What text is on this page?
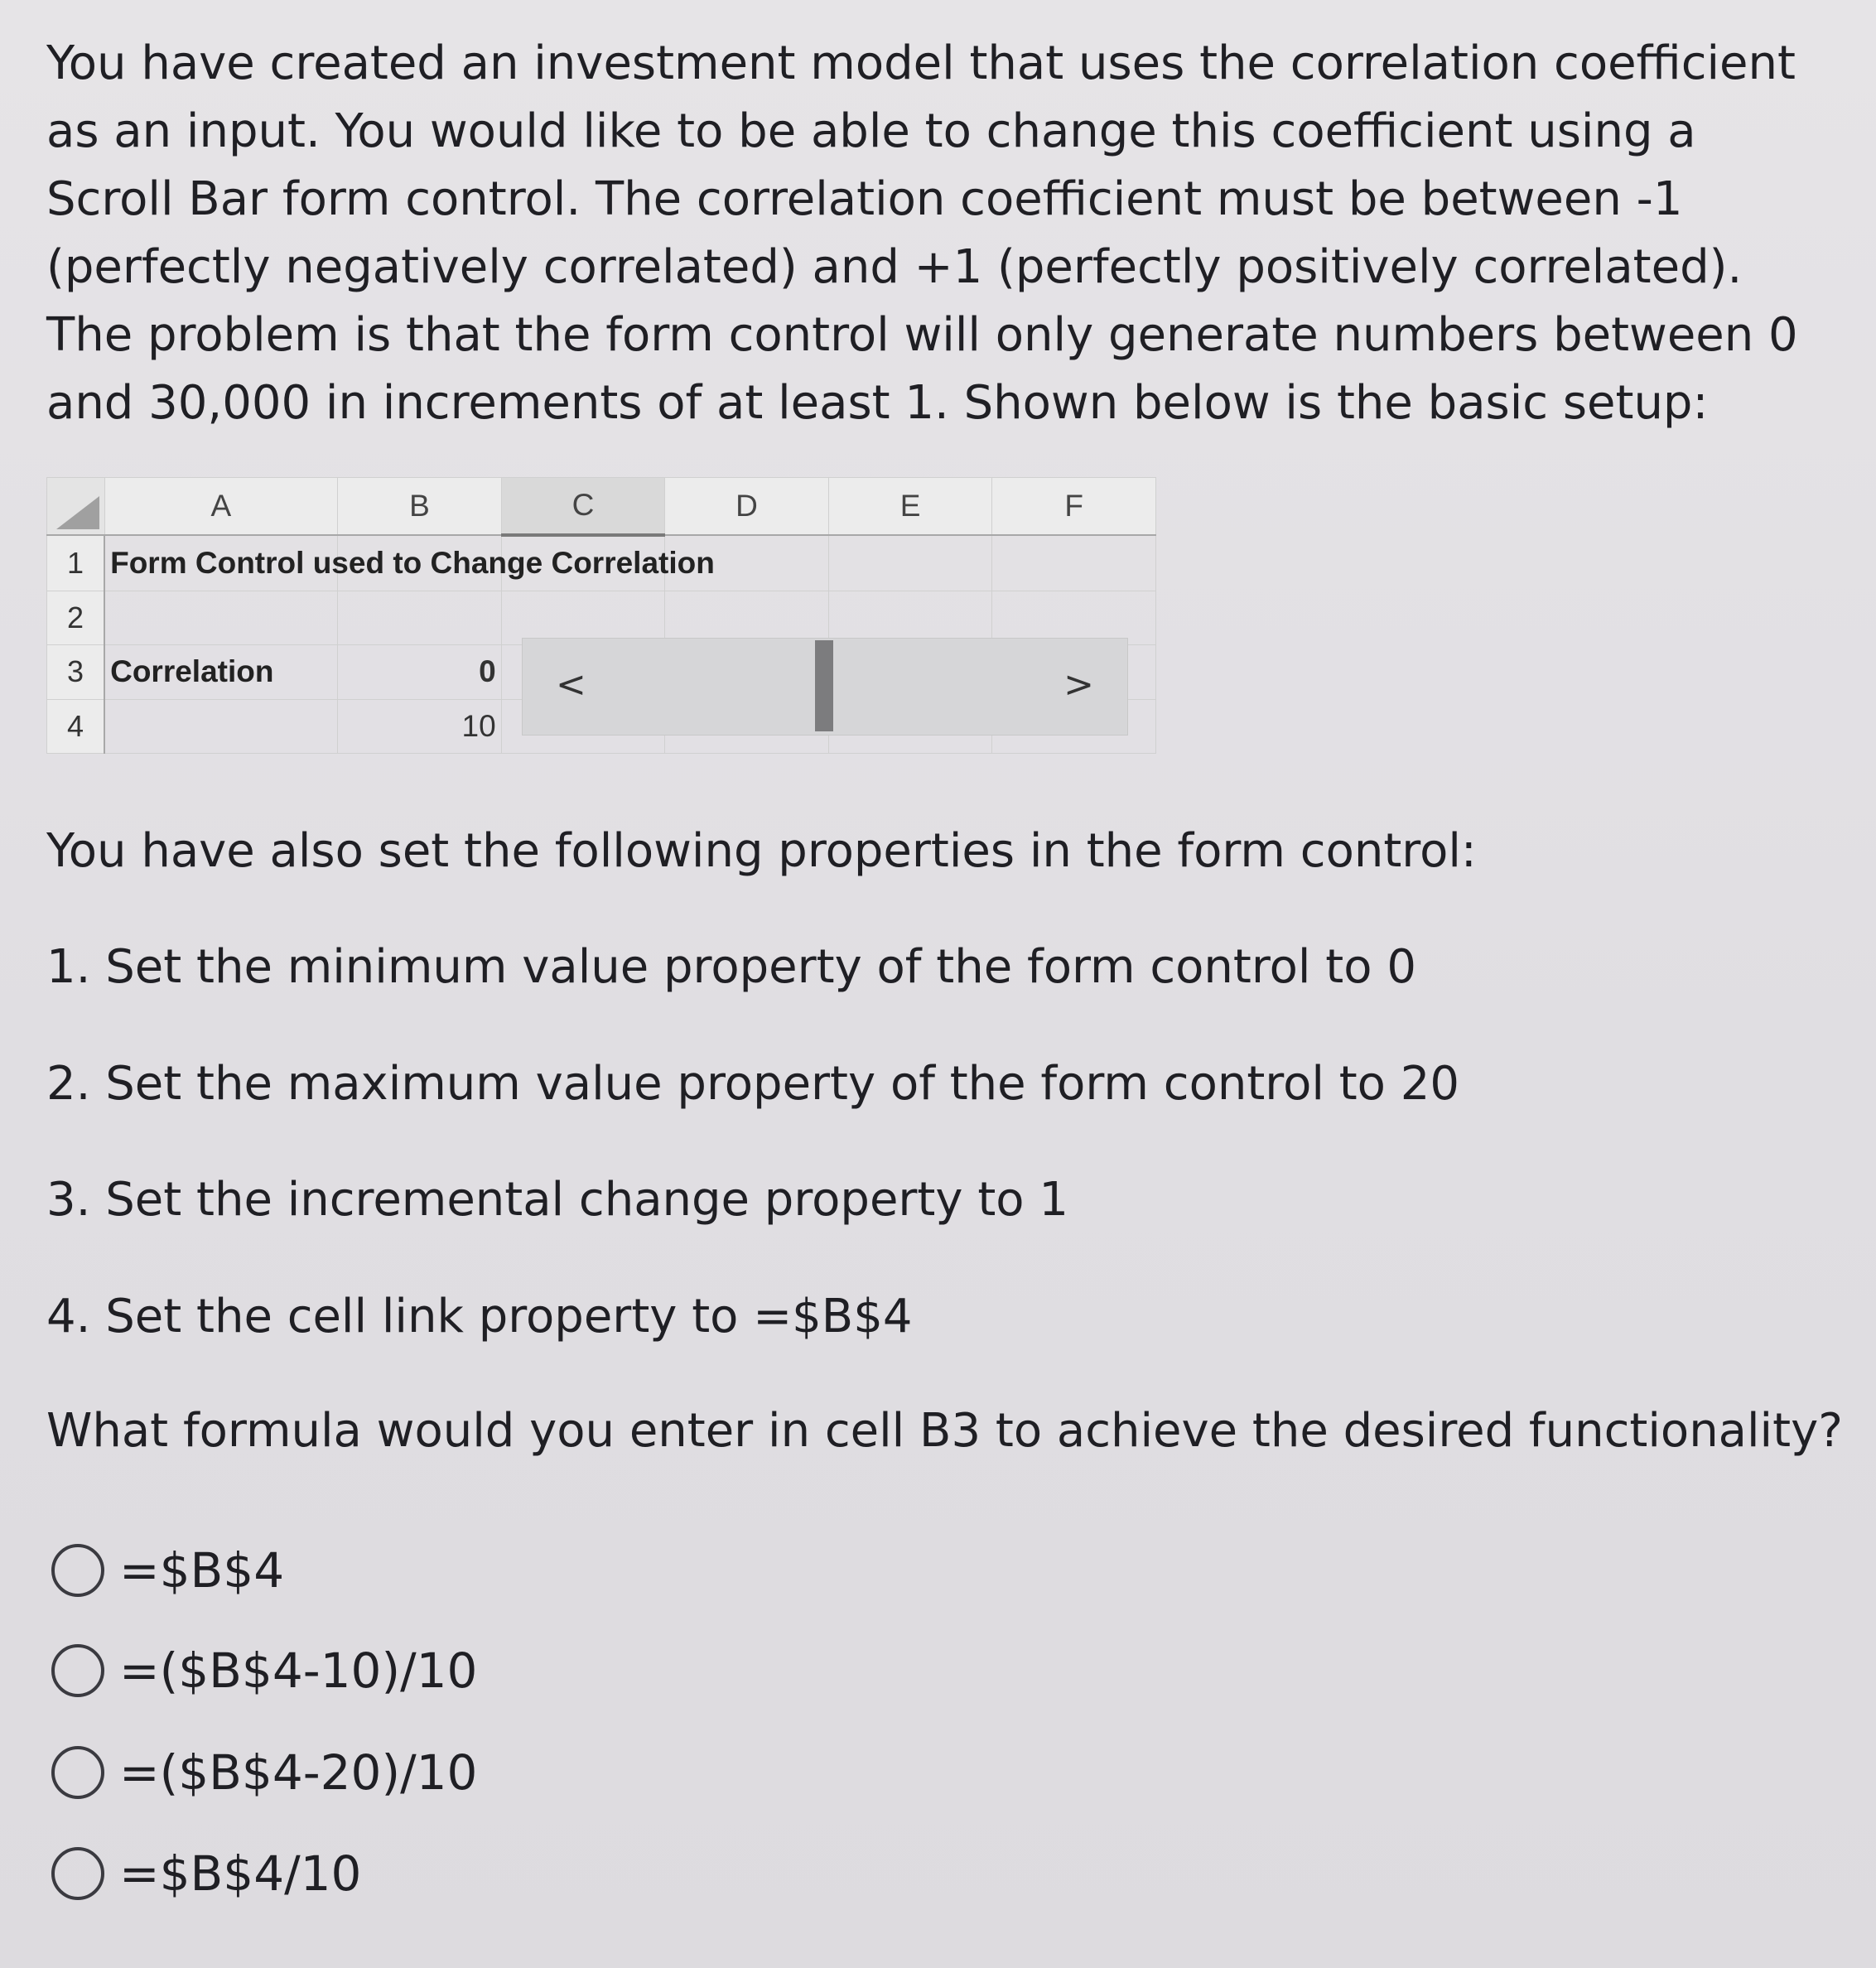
You have created an investment model that uses the correlation coefficient as an input. You would like to be able to change this coefficient using a Scroll Bar form control. The correlation coefficient must be between -1 (perfectly negatively correlated) and +1 (perfectly positively correlated). The problem is that the form control will only generate numbers between 0 and 30,000 in increments of at least 1. Shown below is the basic setup:

	A	B	C	D	E	F
1	Form Control used to Change Correlation					
2						
3	Correlation	0				
4		10				
<	>

You have also set the following properties in the form control:

1. Set the minimum value property of the form control to 0

2. Set the maximum value property of the form control to 20

3. Set the incremental change property to 1

4. Set the cell link property to =$B$4

What formula would you enter in cell B3 to achieve the desired functionality?

=$B$4
=($B$4-10)/10
=($B$4-20)/10
=$B$4/10
